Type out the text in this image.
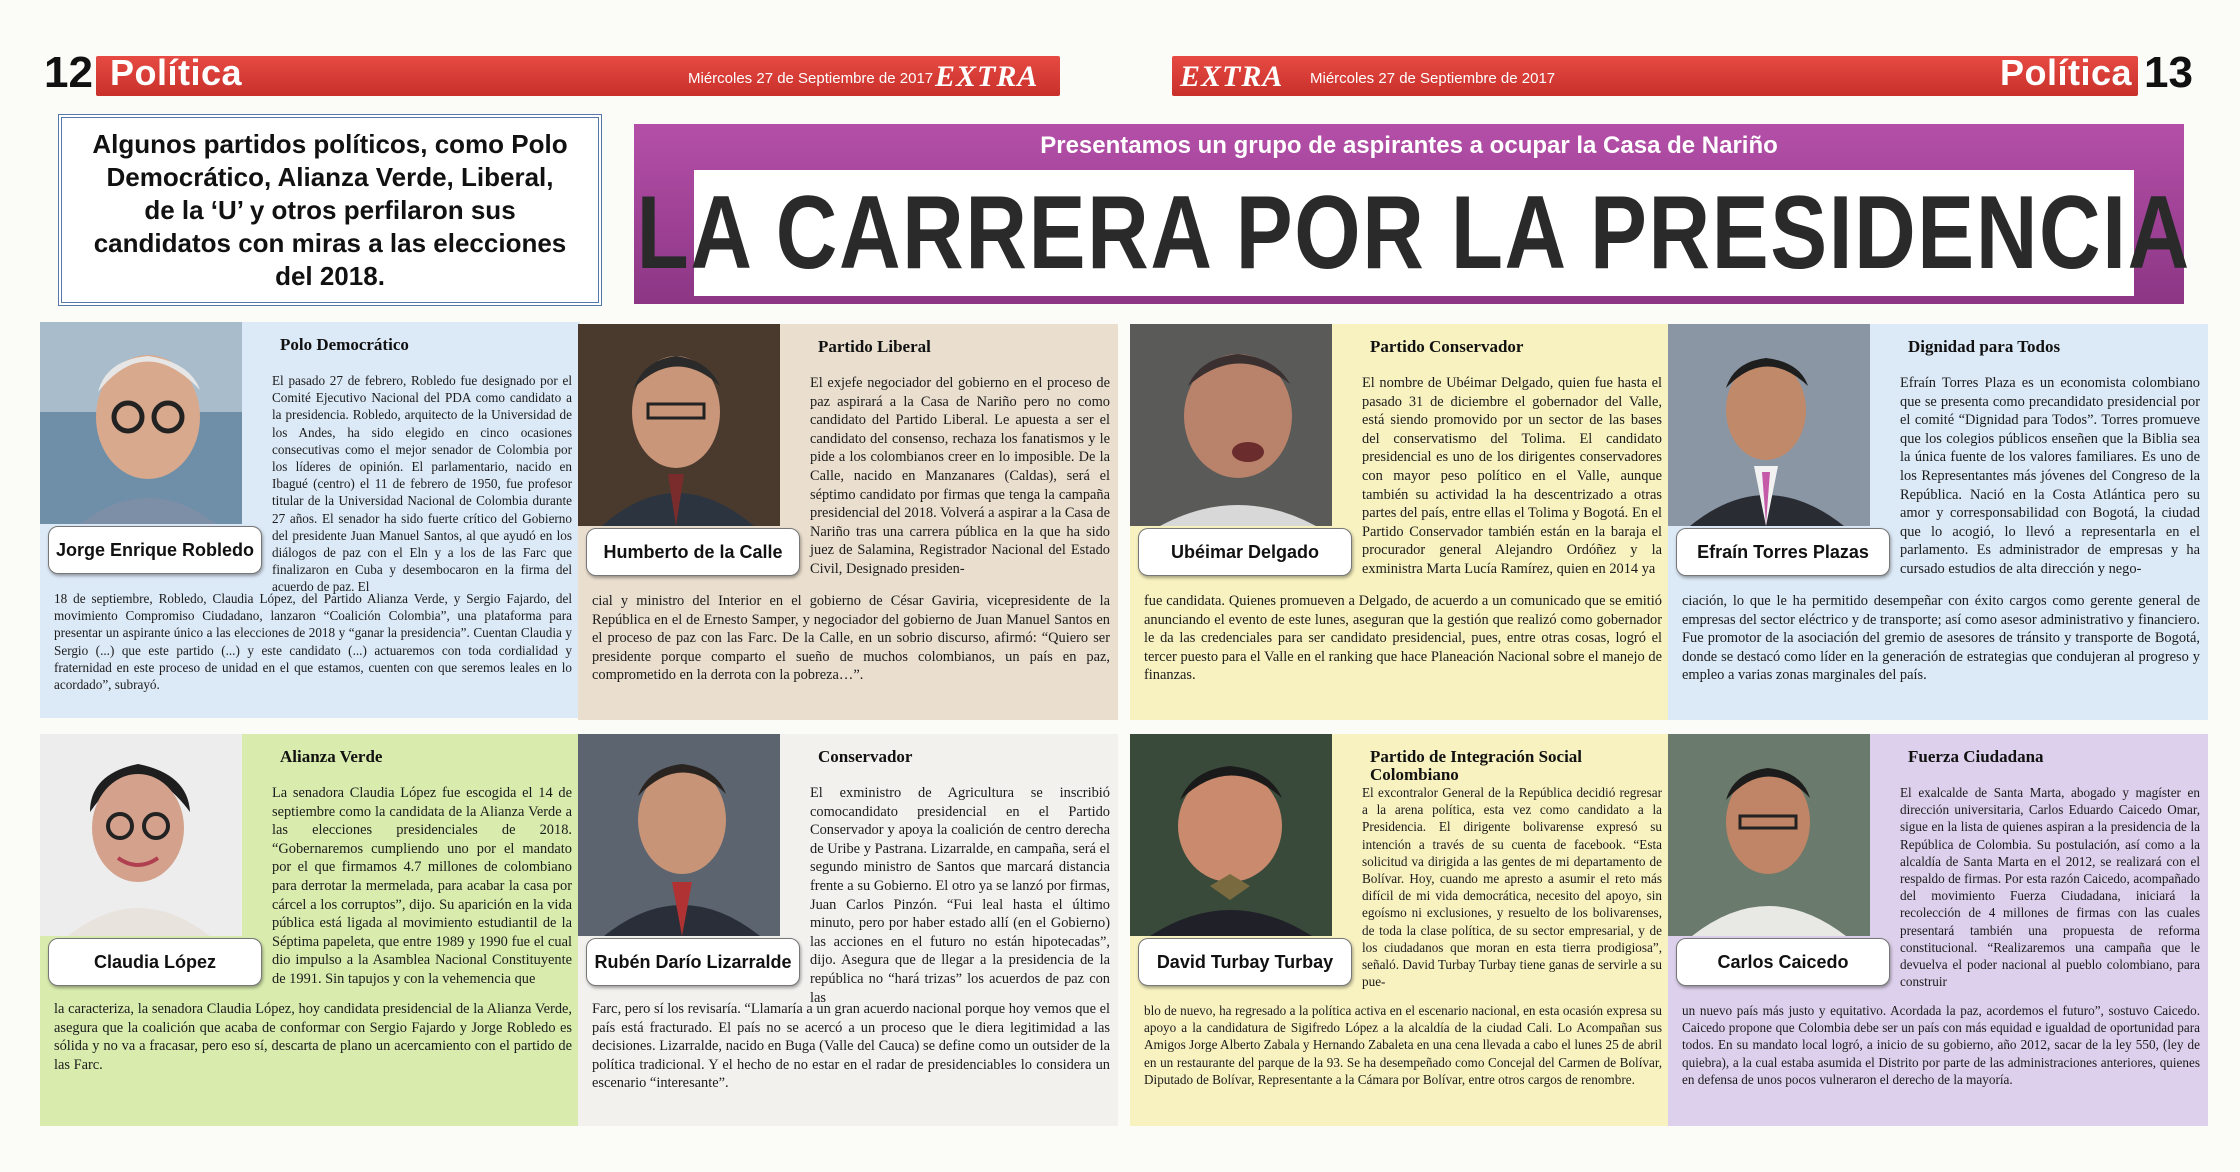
12 Política	Miércoles 27 de Septiembre de 2017 EXTRA	EXTRA Miércoles 27 de Septiembre de 2017	Política 13

Algunos partidos políticos, como Polo Democrático, Alianza Verde, Liberal, de la ‘U’ y otros perfilaron sus candidatos con miras a las elecciones del 2018.

Presentamos un grupo de aspirantes a ocupar la Casa de Nariño
LA CARRERA POR LA PRESIDENCIA
Jorge Enrique Robledo
Polo Democrático
El pasado 27 de febrero, Robledo fue designado por el Comité Ejecutivo Nacional del PDA como candidato a la presidencia. Robledo, arquitecto de la Universidad de los Andes, ha sido elegido en cinco ocasiones consecutivas como el mejor senador de Colombia por los líderes de opinión. El parlamentario, nacido en Ibagué (centro) el 11 de febrero de 1950, fue profesor titular de la Universidad Nacional de Colombia durante 27 años. El senador ha sido fuerte crítico del Gobierno del presidente Juan Manuel Santos, al que ayudó en los diálogos de paz con el Eln y a los de las Farc que finalizaron en Cuba y desembocaron en la firma del acuerdo de paz. El
18 de septiembre, Robledo, Claudia López, del Partido Alianza Verde, y Sergio Fajardo, del movimiento Compromiso Ciudadano, lanzaron “Coalición Colombia”, una plataforma para presentar un aspirante único a las elecciones de 2018 y “ganar la presidencia”. Cuentan Claudia y Sergio (...) que este partido (...) y este candidato (...) actuaremos con toda cordialidad y fraternidad en este proceso de unidad en el que estamos, cuenten con que seremos leales en lo acordado”, subrayó.
Humberto de la Calle
Partido Liberal
El exjefe negociador del gobierno en el proceso de paz aspirará a la Casa de Nariño pero no como candidato del Partido Liberal. Le apuesta a ser el candidato del consenso, rechaza los fanatismos y le pide a los colombianos creer en lo imposible. De la Calle, nacido en Manzanares (Caldas), será el séptimo candidato por firmas que tenga la campaña presidencial del 2018. Volverá a aspirar a la Casa de Nariño tras una carrera pública en la que ha sido juez de Salamina, Registrador Nacional del Estado Civil, Designado presiden-
cial y ministro del Interior en el gobierno de César Gaviria, vicepresidente de la República en el de Ernesto Samper, y negociador del gobierno de Juan Manuel Santos en el proceso de paz con las Farc. De la Calle, en un sobrio discurso, afirmó: “Quiero ser presidente porque comparto el sueño de muchos colombianos, un país en paz, comprometido en la derrota con la pobreza…”.
Ubéimar Delgado
Partido Conservador
El nombre de Ubéimar Delgado, quien fue hasta el pasado 31 de diciembre el gobernador del Valle, está siendo promovido por un sector de las bases del conservatismo del Tolima. El candidato presidencial es uno de los dirigentes conservadores con mayor peso político en el Valle, aunque también su actividad la ha descentrizado a otras partes del país, entre ellas el Tolima y Bogotá. En el Partido Conservador también están en la baraja el procurador general Alejandro Ordóñez y la exministra Marta Lucía Ramírez, quien en 2014 ya
fue candidata. Quienes promueven a Delgado, de acuerdo a un comunicado que se emitió anunciando el evento de este lunes, aseguran que la gestión que realizó como gobernador le da las credenciales para ser candidato presidencial, pues, entre otras cosas, logró el tercer puesto para el Valle en el ranking que hace Planeación Nacional sobre el manejo de finanzas.
Efraín Torres Plazas
Dignidad para Todos
Efraín Torres Plaza es un economista colombiano que se presenta como precandidato presidencial por el comité “Dignidad para Todos”. Torres promueve que los colegios públicos enseñen que la Biblia sea la única fuente de los valores familiares. Es uno de los Representantes más jóvenes del Congreso de la República. Nació en la Costa Atlántica pero su amor y corresponsabilidad con Bogotá, la ciudad que lo acogió, lo llevó a representarla en el parlamento. Es administrador de empresas y ha cursado estudios de alta dirección y nego-
ciación, lo que le ha permitido desempeñar con éxito cargos como gerente general de empresas del sector eléctrico y de transporte; así como asesor administrativo y financiero. Fue promotor de la asociación del gremio de asesores de tránsito y transporte de Bogotá, donde se destacó como líder en la generación de estrategias que condujeran al progreso y empleo a varias zonas marginales del país.
Claudia López
Alianza Verde
La senadora Claudia López fue escogida el 14 de septiembre como la candidata de la Alianza Verde a las elecciones presidenciales de 2018. “Gobernaremos cumpliendo uno por el mandato por el que firmamos 4.7 millones de colombiano para derrotar la mermelada, para acabar la casa por cárcel a los corruptos”, dijo. Su aparición en la vida pública está ligada al movimiento estudiantil de la Séptima papeleta, que entre 1989 y 1990 fue el cual dio impulso a la Asamblea Nacional Constituyente de 1991. Sin tapujos y con la vehemencia que
la caracteriza, la senadora Claudia López, hoy candidata presidencial de la Alianza Verde, asegura que la coalición que acaba de conformar con Sergio Fajardo y Jorge Robledo es sólida y no va a fracasar, pero eso sí, descarta de plano un acercamiento con el partido de las Farc.
Rubén Darío Lizarralde
Conservador
El exministro de Agricultura se inscribió comocandidato presidencial en el Partido Conservador y apoya la coalición de centro derecha de Uribe y Pastrana. Lizarralde, en campaña, será el segundo ministro de Santos que marcará distancia frente a su Gobierno. El otro ya se lanzó por firmas, Juan Carlos Pinzón. “Fui leal hasta el último minuto, pero por haber estado allí (en el Gobierno) las acciones en el futuro no están hipotecadas”, dijo. Asegura que de llegar a la presidencia de la república no “hará trizas” los acuerdos de paz con las
Farc, pero sí los revisaría. “Llamaría a un gran acuerdo nacional porque hoy vemos que el país está fracturado. El país no se acercó a un proceso que le diera legitimidad a las decisiones. Lizarralde, nacido en Buga (Valle del Cauca) se define como un outsider de la política tradicional. Y el hecho de no estar en el radar de presidenciables lo considera un escenario “interesante”.
David Turbay Turbay
Partido de Integración Social Colombiano
El excontralor General de la República decidió regresar a la arena política, esta vez como candidato a la Presidencia. El dirigente bolivarense expresó su intención a través de su cuenta de facebook. “Esta solicitud va dirigida a las gentes de mi departamento de Bolívar. Hoy, cuando me apresto a asumir el reto más difícil de mi vida democrática, necesito del apoyo, sin egoísmo ni exclusiones, y resuelto de los bolivarenses, de toda la clase política, de su sector empresarial, y de los ciudadanos que moran en esta tierra prodigiosa”, señaló. David Turbay Turbay tiene ganas de servirle a su pue-
blo de nuevo, ha regresado a la política activa en el escenario nacional, en esta ocasión expresa su apoyo a la candidatura de Sigifredo López a la alcaldía de la ciudad Cali. Lo Acompañan sus Amigos Jorge Alberto Zabala y Hernando Zabaleta en una cena llevada a cabo el lunes 25 de abril en un restaurante del parque de la 93. Se ha desempeñado como Concejal del Carmen de Bolívar, Diputado de Bolívar, Representante a la Cámara por Bolívar, entre otros cargos de renombre.
Carlos Caicedo
Fuerza Ciudadana
El exalcalde de Santa Marta, abogado y magíster en dirección universitaria, Carlos Eduardo Caicedo Omar, sigue en la lista de quienes aspiran a la presidencia de la República de Colombia. Su postulación, así como a la alcaldía de Santa Marta en el 2012, se realizará con el respaldo de firmas. Por esta razón Caicedo, acompañado del movimiento Fuerza Ciudadana, iniciará la recolección de 4 millones de firmas con las cuales presentará también una propuesta de reforma constitucional. “Realizaremos una campaña que le devuelva el poder nacional al pueblo colombiano, para construir
un nuevo país más justo y equitativo. Acordada la paz, acordemos el futuro”, sostuvo Caicedo. Caicedo propone que Colombia debe ser un país con más equidad e igualdad de oportunidad para todos. En su mandato local logró, a inicio de su gobierno, año 2012, sacar de la ley 550, (ley de quiebra), a la cual estaba asumida el Distrito por parte de las administraciones anteriores, quienes en defensa de unos pocos vulneraron el derecho de la mayoría.
